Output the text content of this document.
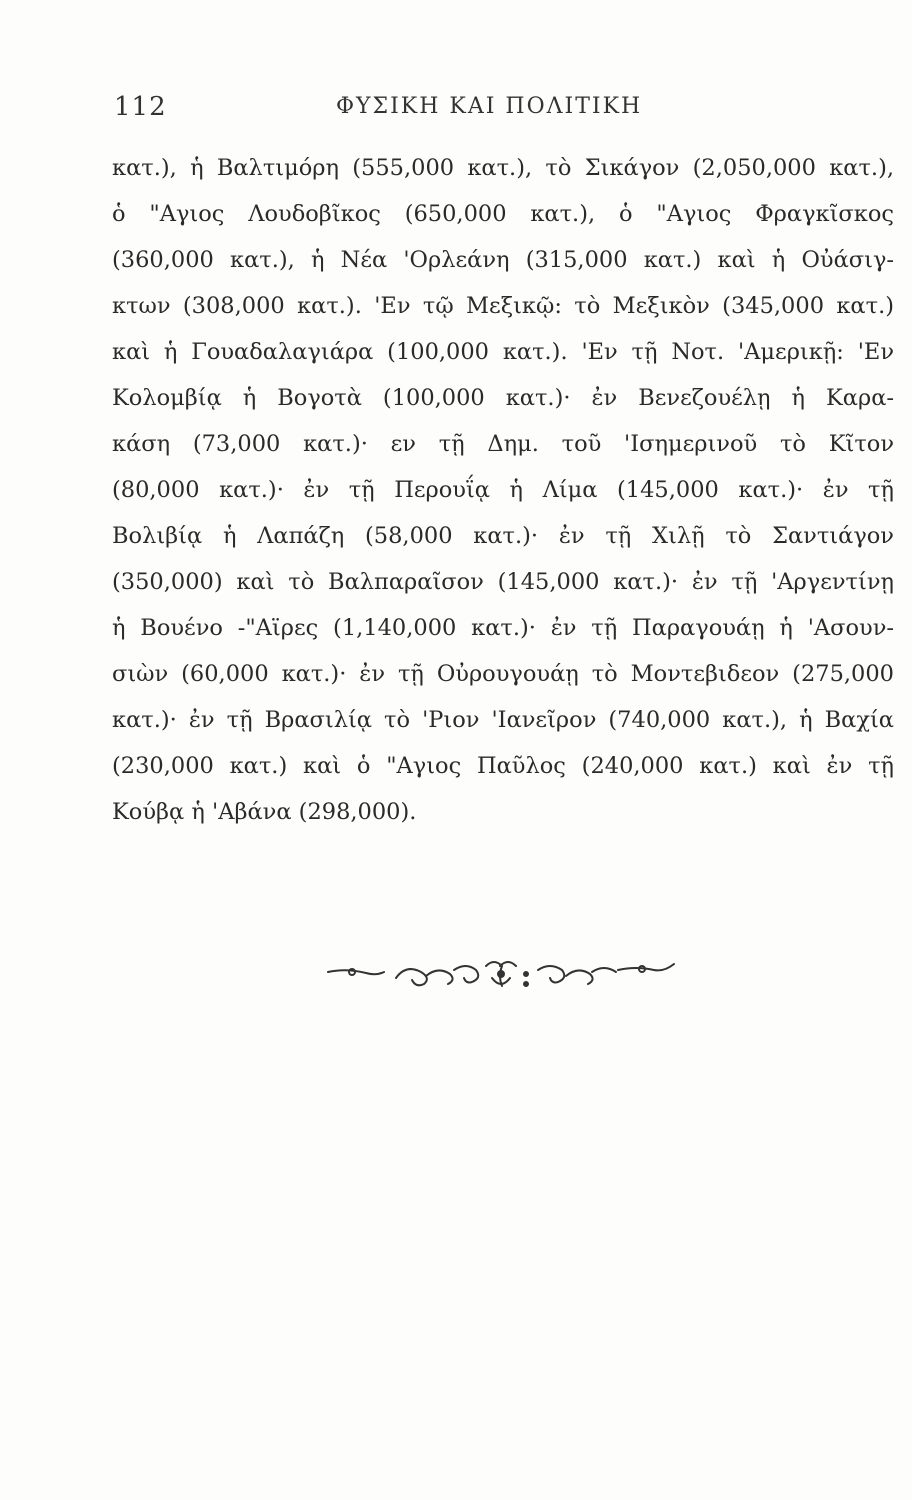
112	ΦΥΣΙΚΗ ΚΑΙ ΠΟΛΙΤΙΚΗ

κατ.), ἡ Βαλτιμόρη (555,000 κατ.), τὸ Σικάγον (2,050,000 κατ.),
ὁ "Αγιος Λουδοβῖκος (650,000 κατ.), ὁ "Αγιος Φραγκῖσκος
(360,000 κατ.), ἡ Νέα 'Ορλεάνη (315,000 κατ.) καὶ ἡ Οὐάσιγ-
κτων (308,000 κατ.). 'Εν τῷ Μεξικῷ: τὸ Μεξικὸν (345,000 κατ.)
καὶ ἡ Γουαδαλαγιάρα (100,000 κατ.). 'Εν τῇ Νοτ. 'Αμερικῇ: 'Εν
Κολομβίᾳ ἡ Βογοτὰ (100,000 κατ.)· ἐν Βενεζουέλῃ ἡ Καρα-
κάση (73,000 κατ.)· εν τῇ Δημ. τοῦ 'Ισημερινοῦ τὸ Κῖτον
(80,000 κατ.)· ἐν τῇ Περουΐᾳ ἡ Λίμα (145,000 κατ.)· ἐν τῇ
Βολιβίᾳ ἡ Λαπάζη (58,000 κατ.)· ἐν τῇ Χιλῇ τὸ Σαντιάγον
(350,000) καὶ τὸ Βαλπαραῖσον (145,000 κατ.)· ἐν τῇ 'Αργεντίνῃ
ἡ Βουένο -"Αϊρες (1,140,000 κατ.)· ἐν τῇ Παραγουάῃ ἡ 'Ασουν-
σιὼν (60,000 κατ.)· ἐν τῇ Οὐρουγουάῃ τὸ Μοντεβιδεον (275,000
κατ.)· ἐν τῇ Βρασιλίᾳ τὸ 'Ριον 'Ιανεῖρον (740,000 κατ.), ἡ Βαχία
(230,000 κατ.) καὶ ὁ "Αγιος Παῦλος (240,000 κατ.) καὶ ἐν τῇ
Κούβᾳ ἡ 'Αβάνα (298,000).
